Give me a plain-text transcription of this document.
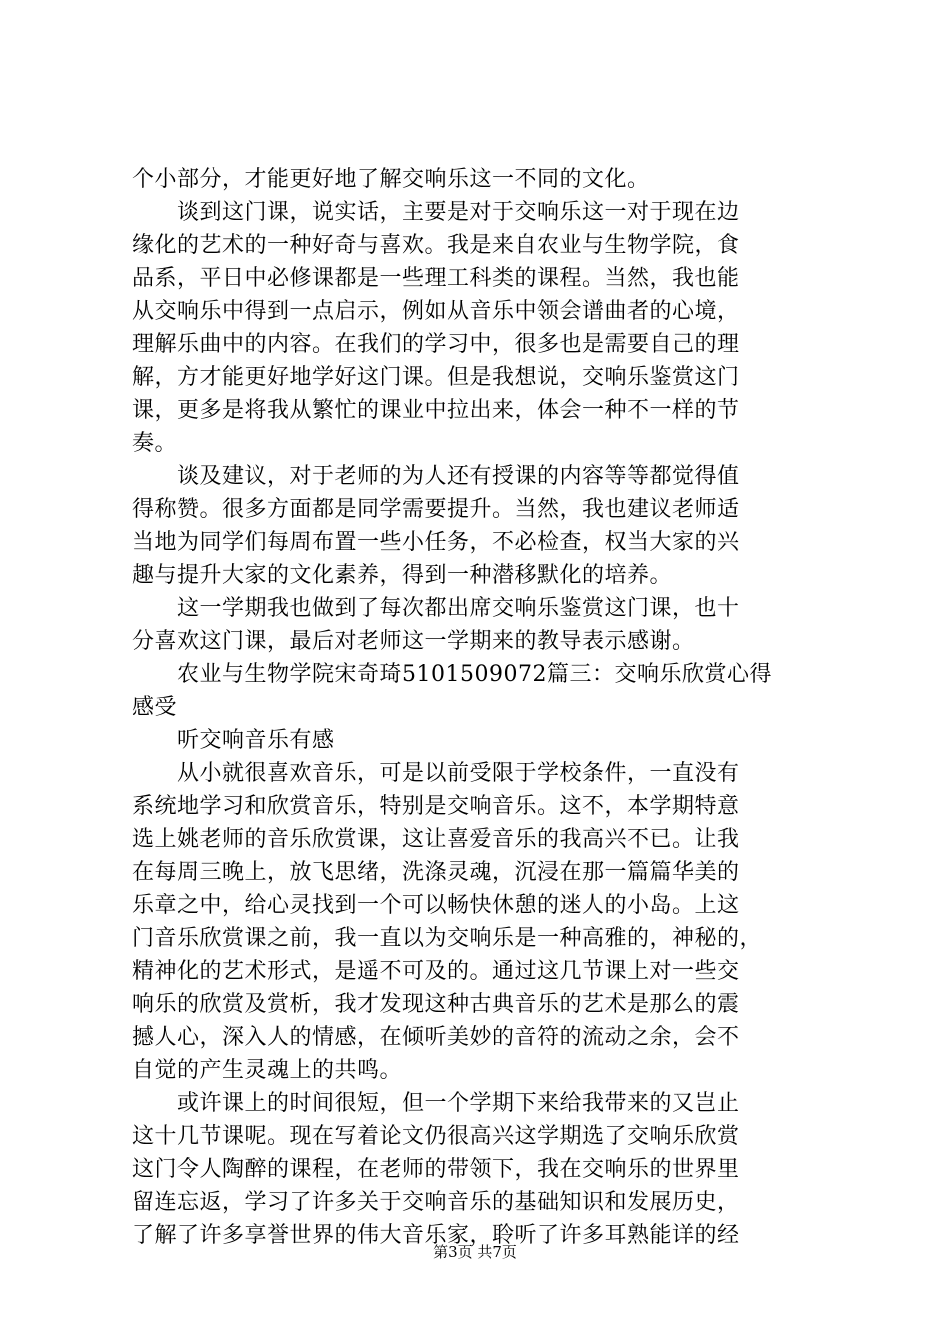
个小部分，才能更好地了解交响乐这一不同的文化。
谈到这门课，说实话，主要是对于交响乐这一对于现在边
缘化的艺术的一种好奇与喜欢。我是来自农业与生物学院，食
品系，平日中必修课都是一些理工科类的课程。当然，我也能
从交响乐中得到一点启示，例如从音乐中领会谱曲者的心境，
理解乐曲中的内容。在我们的学习中，很多也是需要自己的理
解，方才能更好地学好这门课。但是我想说，交响乐鉴赏这门
课，更多是将我从繁忙的课业中拉出来，体会一种不一样的节
奏。
谈及建议，对于老师的为人还有授课的内容等等都觉得值
得称赞。很多方面都是同学需要提升。当然，我也建议老师适
当地为同学们每周布置一些小任务，不必检查，权当大家的兴
趣与提升大家的文化素养，得到一种潜移默化的培养。
这一学期我也做到了每次都出席交响乐鉴赏这门课，也十
分喜欢这门课，最后对老师这一学期来的教导表示感谢。
农业与生物学院宋奇琦5101509072篇三：交响乐欣赏心得
感受
听交响音乐有感
从小就很喜欢音乐，可是以前受限于学校条件，一直没有
系统地学习和欣赏音乐，特别是交响音乐。这不，本学期特意
选上姚老师的音乐欣赏课，这让喜爱音乐的我高兴不已。让我
在每周三晚上，放飞思绪，洗涤灵魂，沉浸在那一篇篇华美的
乐章之中，给心灵找到一个可以畅快休憩的迷人的小岛。上这
门音乐欣赏课之前，我一直以为交响乐是一种高雅的，神秘的，
精神化的艺术形式，是遥不可及的。通过这几节课上对一些交
响乐的欣赏及赏析，我才发现这种古典音乐的艺术是那么的震
撼人心，深入人的情感，在倾听美妙的音符的流动之余，会不
自觉的产生灵魂上的共鸣。
或许课上的时间很短，但一个学期下来给我带来的又岂止
这十几节课呢。现在写着论文仍很高兴这学期选了交响乐欣赏
这门令人陶醉的课程，在老师的带领下，我在交响乐的世界里
留连忘返，学习了许多关于交响音乐的基础知识和发展历史，
了解了许多享誉世界的伟大音乐家，聆听了许多耳熟能详的经
第3页 共7页
